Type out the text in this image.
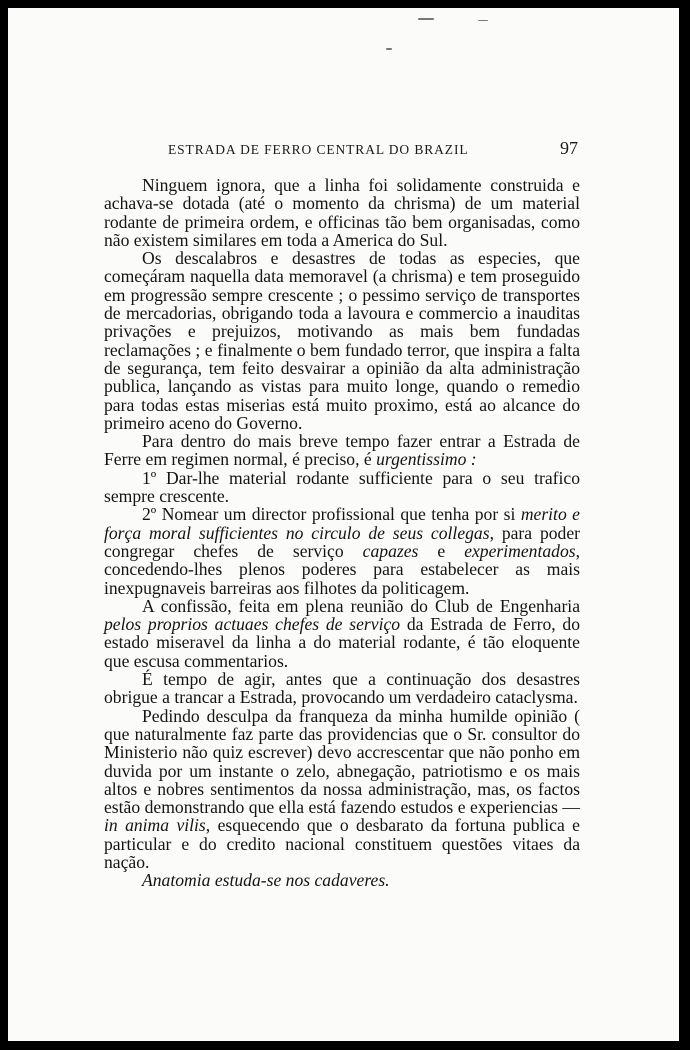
ESTRADA DE FERRO CENTRAL DO BRAZIL	97

Ninguem ignora, que a linha foi solidamente construida e achava-se dotada (até o momento da chrisma) de um material rodante de primeira ordem, e officinas tão bem organisadas, como não existem similares em toda a America do Sul.

Os descalabros e desastres de todas as especies, que começáram naquella data memoravel (a chrisma) e tem proseguido em progressão sempre crescente ; o pessimo serviço de transportes de mercadorias, obrigando toda a lavoura e commercio a inauditas privações e prejuizos, motivando as mais bem fundadas reclamações ; e finalmente o bem fundado terror, que inspira a falta de segurança, tem feito desvairar a opinião da alta administração publica, lançando as vistas para muito longe, quando o remedio para todas estas miserias está muito proximo, está ao alcance do primeiro aceno do Governo.

Para dentro do mais breve tempo fazer entrar a Estrada de Ferre em regimen normal, é preciso, é urgentissimo :

1º Dar-lhe material rodante sufficiente para o seu trafico sempre crescente.

2º Nomear um director profissional que tenha por si merito e força moral sufficientes no circulo de seus collegas, para poder congregar chefes de serviço capazes e experimentados, concedendo-lhes plenos poderes para estabelecer as mais inexpugnaveis barreiras aos filhotes da politicagem.

A confissão, feita em plena reunião do Club de Engenharia pelos proprios actuaes chefes de serviço da Estrada de Ferro, do estado miseravel da linha a do material rodante, é tão eloquente que escusa commentarios.

É tempo de agir, antes que a continuação dos desastres obrigue a trancar a Estrada, provocando um verdadeiro cataclysma.

Pedindo desculpa da franqueza da minha humilde opinião ( que naturalmente faz parte das providencias que o Sr. consultor do Ministerio não quiz escrever) devo accrescentar que não ponho em duvida por um instante o zelo, abnegação, patriotismo e os mais altos e nobres sentimentos da nossa administração, mas, os factos estão demonstrando que ella está fazendo estudos e experiencias — in anima vilis, esquecendo que o desbarato da fortuna publica e particular e do credito nacional constituem questões vitaes da nação.

Anatomia estuda-se nos cadaveres.
